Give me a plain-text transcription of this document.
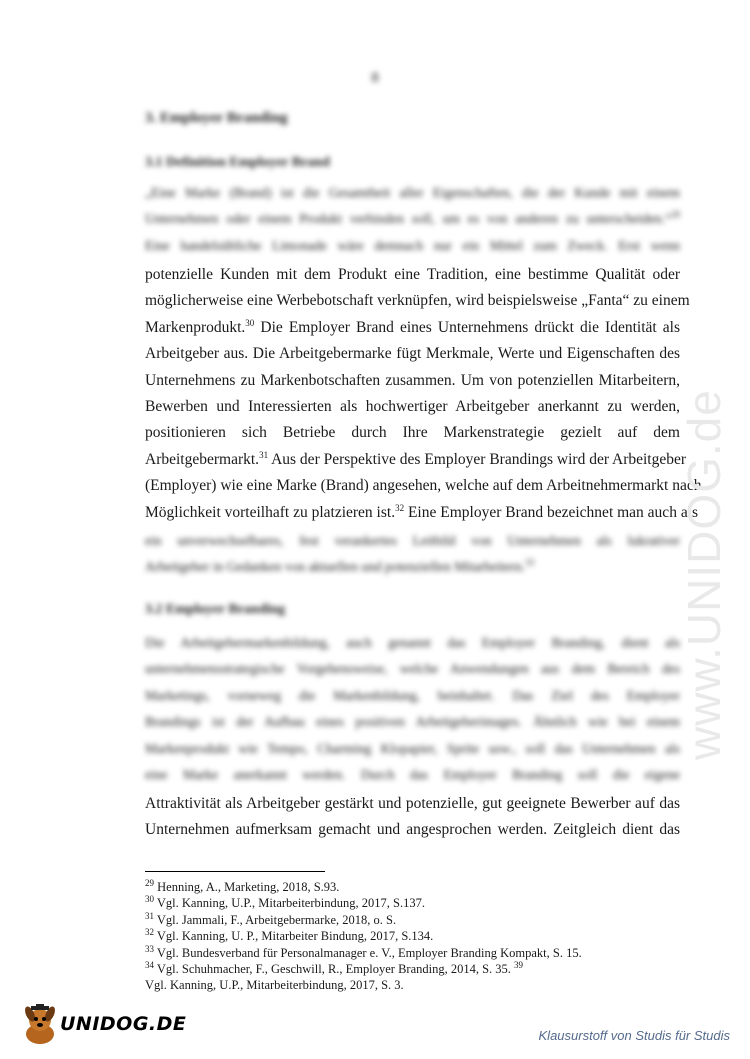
8
3. Employer Branding
3.1 Definition Employer Brand
„Eine Marke (Brand) ist die Gesamtheit aller Eigenschaften, die der Kunde mit einem
Unternehmen oder einem Produkt verbinden soll, um es von anderen zu unterscheiden.“$^{29}$
Eine handelsübliche Limonade wäre demnach nur ein Mittel zum Zweck. Erst wenn
potenzielle Kunden mit dem Produkt eine Tradition, eine bestimme Qualität oder
möglicherweise eine Werbebotschaft verknüpfen, wird beispielsweise „Fanta“ zu einem
Markenprodukt.$^{30}$ Die Employer Brand eines Unternehmens drückt die Identität als
Arbeitgeber aus. Die Arbeitgebermarke fügt Merkmale, Werte und Eigenschaften des
Unternehmens zu Markenbotschaften zusammen. Um von potenziellen Mitarbeitern,
Bewerben und Interessierten als hochwertiger Arbeitgeber anerkannt zu werden,
positionieren sich Betriebe durch Ihre Markenstrategie gezielt auf dem
Arbeitgebermarkt.$^{31}$ Aus der Perspektive des Employer Brandings wird der Arbeitgeber
(Employer) wie eine Marke (Brand) angesehen, welche auf dem Arbeitnehmermarkt nach
Möglichkeit vorteilhaft zu platzieren ist.$^{32}$ Eine Employer Brand bezeichnet man auch als
ein unverwechselbares, fest verankertes Leitbild von Unternehmen als lukrativer
Arbeitgeber in Gedanken von aktuellen und potenziellen Mitarbeitern.$^{33}$
3.2 Employer Branding
Die Arbeitgebermarkenbildung, auch genannt das Employer Branding, dient als
unternehmensstrategische Vorgehensweise, welche Anwendungen aus dem Bereich des
Marketings, vorneweg die Markenbildung, beinhaltet. Das Ziel des Employer
Brandings ist der Aufbau eines positiven Arbeitgeberimages. Ähnlich wie bei einem
Markenprodukt wie Tempo, Charming Klopapier, Sprite usw., soll das Unternehmen als
eine Marke anerkannt werden. Durch das Employer Branding soll die eigene
Attraktivität als Arbeitgeber gestärkt und potenzielle, gut geeignete Bewerber auf das
Unternehmen aufmerksam gemacht und angesprochen werden. Zeitgleich dient das
$^{29}$ Henning, A., Marketing, 2018, S.93.
$^{30}$ Vgl. Kanning, U.P., Mitarbeiterbindung, 2017, S.137.
$^{31}$ Vgl. Jammali, F., Arbeitgebermarke, 2018, o. S.
$^{32}$ Vgl. Kanning, U. P., Mitarbeiter Bindung, 2017, S.134.
$^{33}$ Vgl. Bundesverband für Personalmanager e. V., Employer Branding Kompakt, S. 15.
$^{34}$ Vgl. Schuhmacher, F., Geschwill, R., Employer Branding, 2014, S. 35. $^{39}$
Vgl. Kanning, U.P., Mitarbeiterbindung, 2017, S. 3.
www.UNIDOG.de
UNIDOG.DE
Klausurstoff von Studis für Studis
